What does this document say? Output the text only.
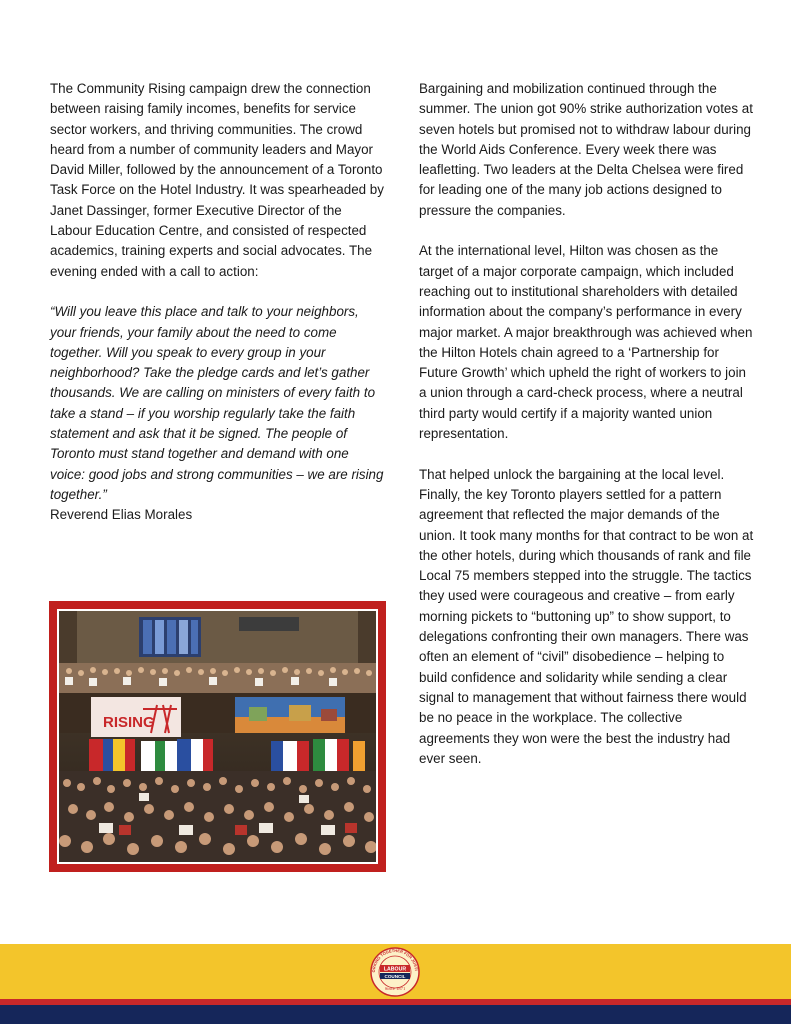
The Community Rising campaign drew the connection between raising family incomes, benefits for service sector workers, and thriving communities. The crowd heard from a number of community leaders and Mayor David Miller, followed by the announcement of a Toronto Task Force on the Hotel Industry. It was spearheaded by Janet Dassinger, former Executive Director of the Labour Education Centre, and consisted of respected academics, training experts and social advocates. The evening ended with a call to action:

“Will you leave this place and talk to your neighbors, your friends, your family about the need to come together. Will you speak to every group in your neighborhood? Take the pledge cards and let’s gather thousands. We are calling on ministers of every faith to take a stand – if you worship regularly take the faith statement and ask that it be signed. The people of Toronto must stand together and demand with one voice: good jobs and strong communities – we are rising together.”

Reverend Elias Morales

Bargaining and mobilization continued through the summer. The union got 90% strike authorization votes at seven hotels but promised not to withdraw labour during the World Aids Conference. Every week there was leafletting. Two leaders at the Delta Chelsea were fired for leading one of the many job actions designed to pressure the companies.

At the international level, Hilton was chosen as the target of a major corporate campaign, which included reaching out to institutional shareholders with detailed information about the company’s performance in every major market. A major breakthrough was achieved when the Hilton Hotels chain agreed to a ‘Partnership for Future Growth’ which upheld the right of workers to join a union through a card-check process, where a neutral third party would certify if a majority wanted union representation.

That helped unlock the bargaining at the local level. Finally, the key Toronto players settled for a pattern agreement that reflected the major demands of the union. It took many months for that contract to be won at the other hotels, during which thousands of rank and file Local 75 members stepped into the struggle. The tactics they used were courageous and creative – from early morning pickets to “buttoning up” to show support, to delegations confronting their own managers. There was often an element of “civil” disobedience – helping to build confidence and solidarity while sending a clear signal to management that without fairness there would be no peace in the workplace. The collective agreements they won were the best the industry had ever seen.

RISING
ORKING TOGETHER FOR JUSTI
LABOUR
COUNCIL
Since 1871
